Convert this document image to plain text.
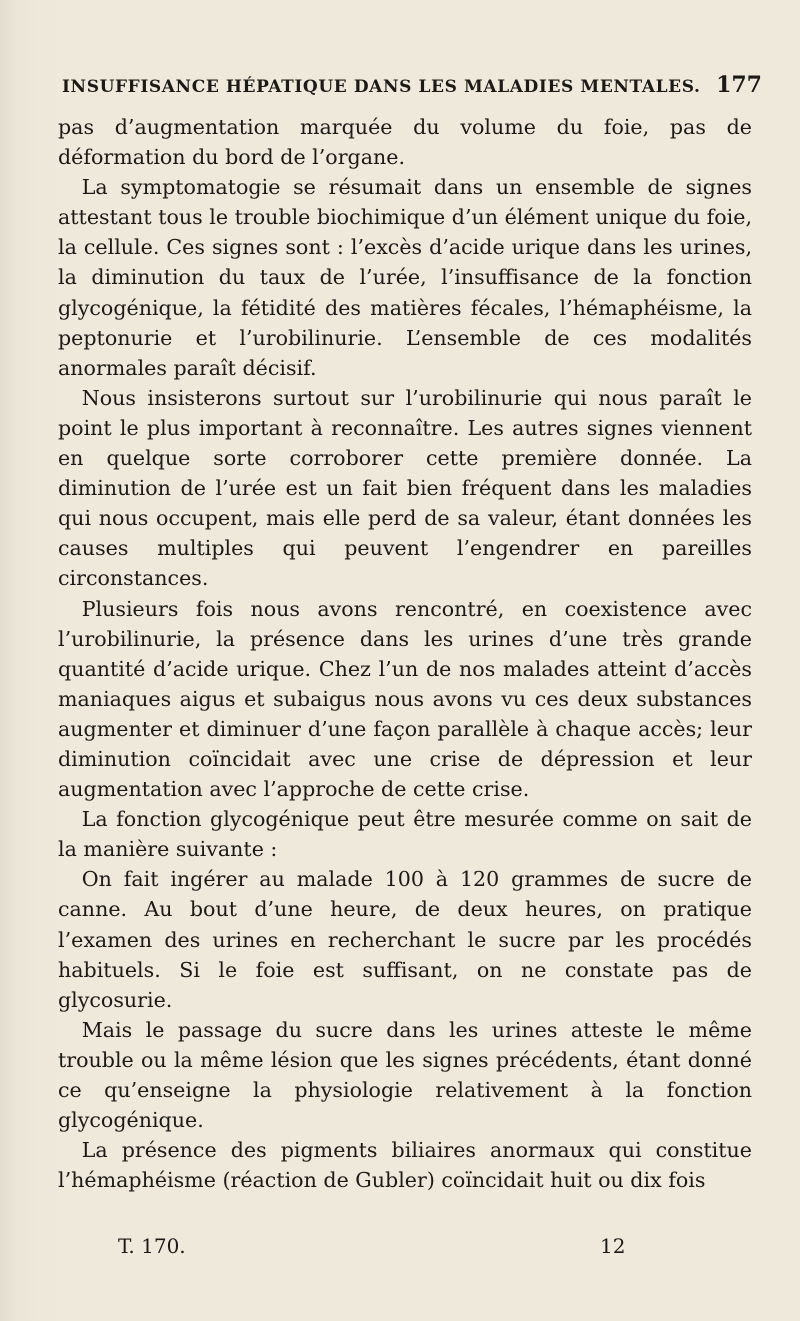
INSUFFISANCE HÉPATIQUE DANS LES MALADIES MENTALES. 177

pas d’augmentation marquée du volume du foie, pas de déformation du bord de l’organe.

La symptomatogie se résumait dans un ensemble de signes attestant tous le trouble biochimique d’un élément unique du foie, la cellule. Ces signes sont : l’excès d’acide urique dans les urines, la diminution du taux de l’urée, l’insuffisance de la fonction glycogénique, la fétidité des matières fécales, l’hémaphéisme, la peptonurie et l’urobilinurie. L’ensemble de ces modalités anormales paraît décisif.

Nous insisterons surtout sur l’urobilinurie qui nous paraît le point le plus important à reconnaître. Les autres signes viennent en quelque sorte corroborer cette première donnée. La diminution de l’urée est un fait bien fréquent dans les maladies qui nous occupent, mais elle perd de sa valeur, étant données les causes multiples qui peuvent l’engendrer en pareilles circonstances.

Plusieurs fois nous avons rencontré, en coexistence avec l’urobilinurie, la présence dans les urines d’une très grande quantité d’acide urique. Chez l’un de nos malades atteint d’accès maniaques aigus et subaigus nous avons vu ces deux substances augmenter et diminuer d’une façon parallèle à chaque accès; leur diminution coïncidait avec une crise de dépression et leur augmentation avec l’approche de cette crise.

La fonction glycogénique peut être mesurée comme on sait de la manière suivante :

On fait ingérer au malade 100 à 120 grammes de sucre de canne. Au bout d’une heure, de deux heures, on pratique l’examen des urines en recherchant le sucre par les procédés habituels. Si le foie est suffisant, on ne constate pas de glycosurie.

Mais le passage du sucre dans les urines atteste le même trouble ou la même lésion que les signes précédents, étant donné ce qu’enseigne la physiologie relativement à la fonction glycogénique.

La présence des pigments biliaires anormaux qui constitue l’hémaphéisme (réaction de Gubler) coïncidait huit ou dix fois

T. 170.	12
